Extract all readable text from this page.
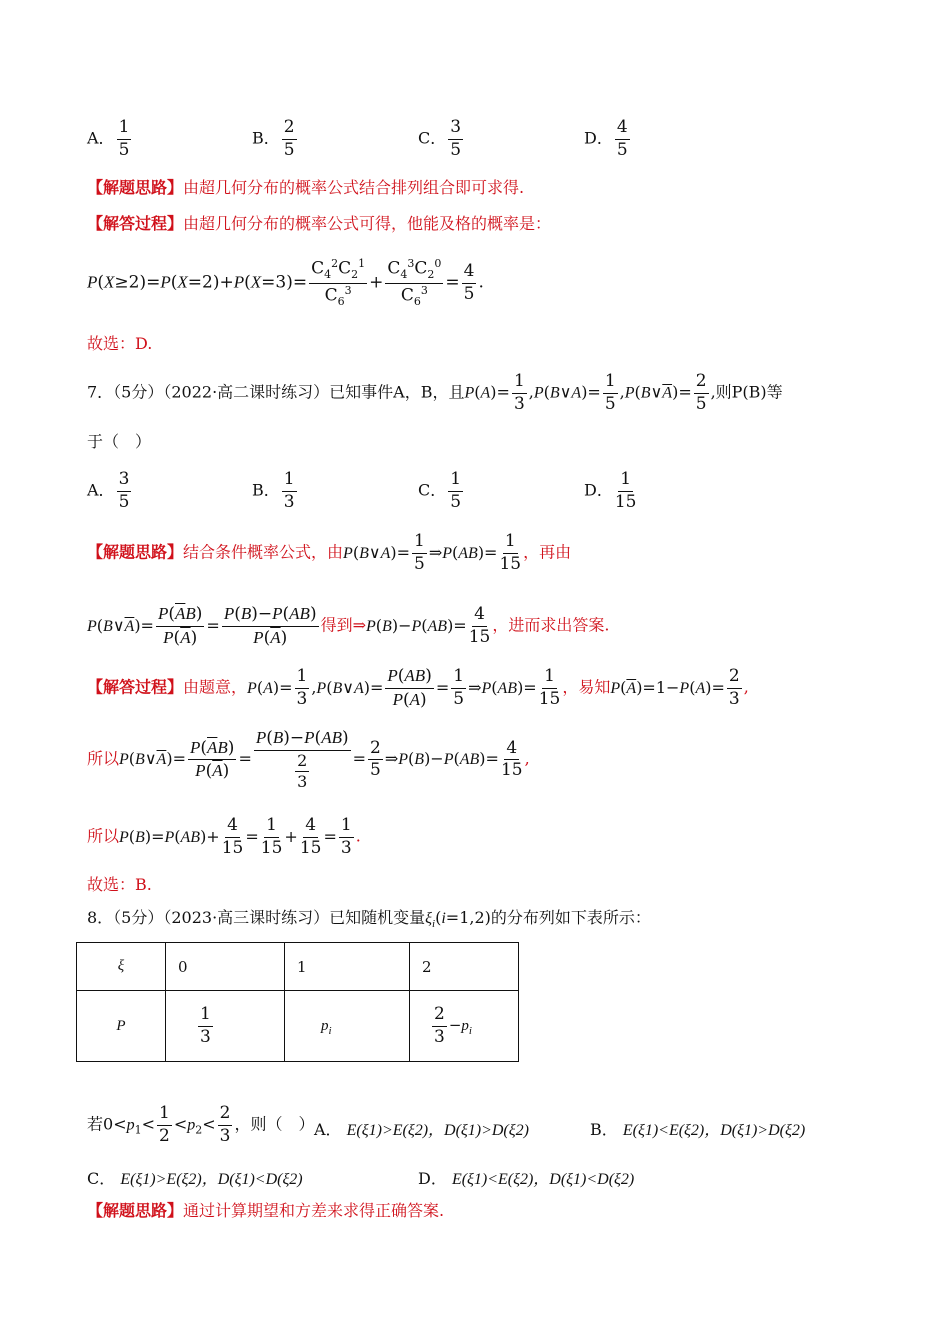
A． $\frac{1}{5}$	B． $\frac{2}{5}$	C． $\frac{3}{5}$	D． $\frac{4}{5}$
【解题思路】由超几何分布的概率公式结合排列组合即可求得.
【解答过程】由超几何分布的概率公式可得，他能及格的概率是：
$P(X\ge 2)=P(X=2)+P(X=3)= \frac{C_4^2C_2^1}{C_6^3} + \frac{C_4^3C_2^0}{C_6^3} = \frac{4}{5}$ .
故选：D.
7．（5分）（2022·高二课时练习）已知事件A，B，且$P(A)= \frac{1}{3}$ ,P(B∨A)= $\frac{1}{5}$ $,P(B\vee\overline{A})= \frac{2}{5}$ ,则P(B)等
于（　）
A． $\frac{3}{5}$	B． $\frac{1}{3}$	C． $\frac{1}{5}$	D． $\frac{1}{15}$
【解题思路】结合条件概率公式，由P(B∨A)= $\frac{1}{5}$ ⇒P(AB)= $\frac{1}{15}$ ，再由
$P(B\vee\overline{A})= \frac{P(\overline{A}B)}{P(\overline{A})} = \frac{P(B)-P(AB)}{P(\overline{A})}$ 得到⇒P(B)−P(AB)= $\frac{4}{15}$ ，进而求出答案.
【解答过程】由题意，$P(A)= \frac{1}{3}$ ,P(B∨A)= $\frac{P(AB)}{P(A)} = \frac{1}{5}$ ⇒P(AB)= $\frac{1}{15}$ ，易知$P(\overline{A})=1-P(A)= \frac{2}{3}$ ,
所以$P(B\vee\overline{A})= \frac{P(\overline{A}B)}{P(\overline{A})} = \frac{P(B)-P(AB)}{\frac{2}{3}} = \frac{2}{5}$ ⇒P(B)−P(AB)= $\frac{4}{15}$ ,
所以$P(B)=P(AB)+ \frac{4}{15} = \frac{1}{15} + \frac{4}{15} = \frac{1}{3}$ .
故选：B.
8．（5分）（2023·高三课时练习）已知随机变量$\xi_i(i=1,2)$的分布列如下表所示：
ξ	0	1	2
P	$\frac{1}{3}$	$p_i$	$\frac{2}{3} -p_i$
若$0<p_1< \frac{1}{2} <p_2< \frac{2}{3}$ ，则（　） A． E(ξ1)>E(ξ2)，D(ξ1)>D(ξ2)	B． E(ξ1)<E(ξ2)，D(ξ1)>D(ξ2)
C． E(ξ1)>E(ξ2)，D(ξ1)<D(ξ2)	D． E(ξ1)<E(ξ2)，D(ξ1)<D(ξ2)
【解题思路】通过计算期望和方差来求得正确答案.
